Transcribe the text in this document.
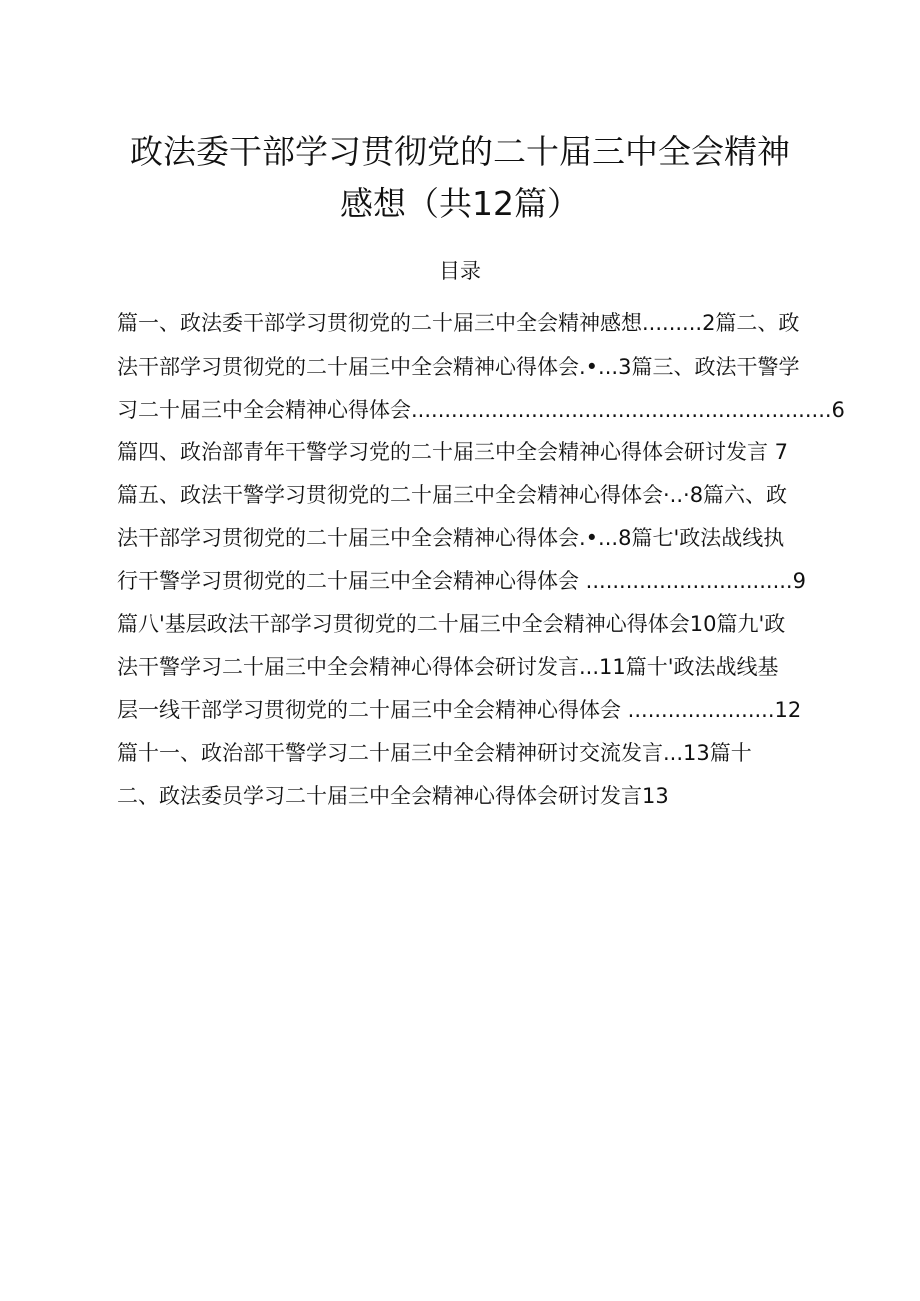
政法委干部学习贯彻党的二十届三中全会精神
感想（共12篇）
目录
篇一、政法委干部学习贯彻党的二十届三中全会精神感想.........2篇二、政
法干部学习贯彻党的二十届三中全会精神心得体会.•...3篇三、政法干警学
习二十届三中全会精神心得体会...............................................................6
篇四、政治部青年干警学习党的二十届三中全会精神心得体会研讨发言 7
篇五、政法干警学习贯彻党的二十届三中全会精神心得体会·..·8篇六、政
法干部学习贯彻党的二十届三中全会精神心得体会.•...8篇七'政法战线执
行干警学习贯彻党的二十届三中全会精神心得体会 ...............................9
篇八'基层政法干部学习贯彻党的二十届三中全会精神心得体会10篇九'政
法干警学习二十届三中全会精神心得体会研讨发言...11篇十'政法战线基
层一线干部学习贯彻党的二十届三中全会精神心得体会 ......................12
篇十一、政治部干警学习二十届三中全会精神研讨交流发言...13篇十
二、政法委员学习二十届三中全会精神心得体会研讨发言13
